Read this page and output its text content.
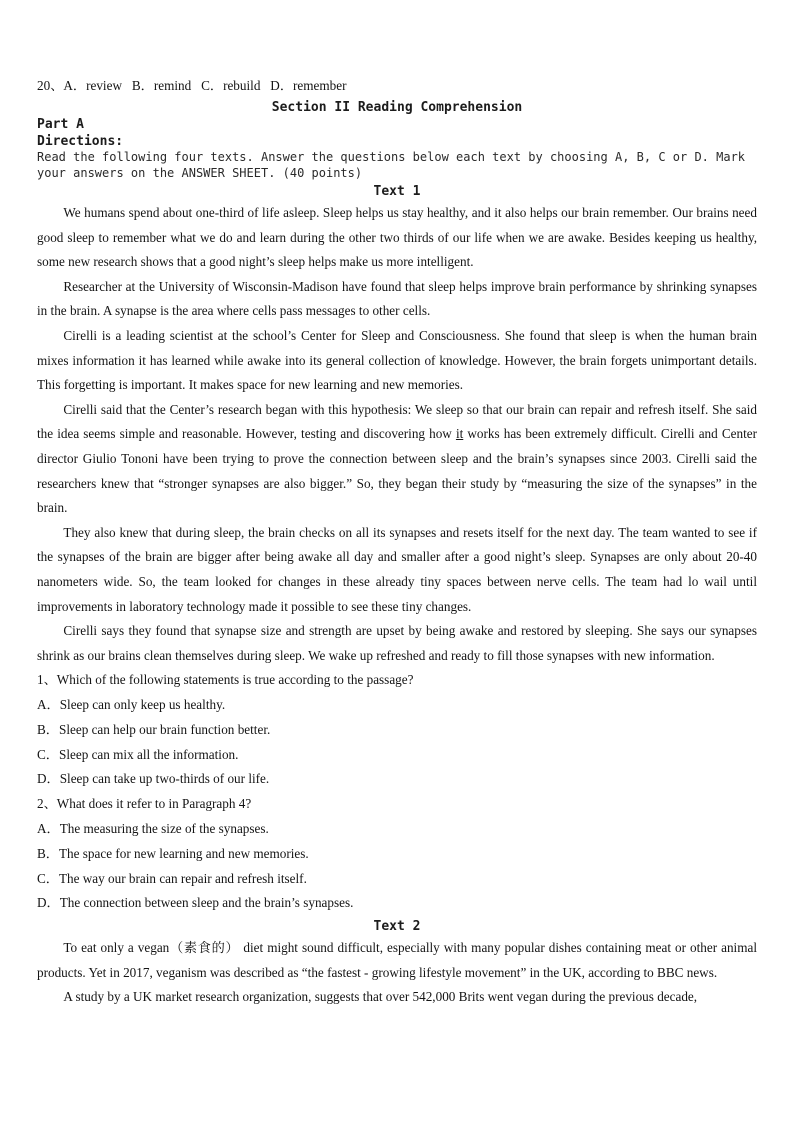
20、A．review   B．remind   C．rebuild   D．remember
Section II Reading Comprehension
Part A
Directions:
Read the following four texts. Answer the questions below each text by choosing A, B, C or D. Mark your answers on the ANSWER SHEET. (40 points)
Text 1

We humans spend about one-third of life asleep. Sleep helps us stay healthy, and it also helps our brain remember. Our brains need good sleep to remember what we do and learn during the other two thirds of our life when we are awake. Besides keeping us healthy, some new research shows that a good night’s sleep helps make us more intelligent.

Researcher at the University of Wisconsin-Madison have found that sleep helps improve brain performance by shrinking synapses in the brain. A synapse is the area where cells pass messages to other cells.

Cirelli is a leading scientist at the school’s Center for Sleep and Consciousness. She found that sleep is when the human brain mixes information it has learned while awake into its general collection of knowledge. However, the brain forgets unimportant details. This forgetting is important. It makes space for new learning and new memories.

Cirelli said that the Center’s research began with this hypothesis: We sleep so that our brain can repair and refresh itself. She said the idea seems simple and reasonable. However, testing and discovering how it works has been extremely difficult. Cirelli and Center director Giulio Tononi have been trying to prove the connection between sleep and the brain’s synapses since 2003. Cirelli said the researchers knew that “stronger synapses are also bigger.” So, they began their study by “measuring the size of the synapses” in the brain.

They also knew that during sleep, the brain checks on all its synapses and resets itself for the next day. The team wanted to see if the synapses of the brain are bigger after being awake all day and smaller after a good night’s sleep. Synapses are only about 20-40 nanometers wide. So, the team looked for changes in these already tiny spaces between nerve cells. The team had lo wail until improvements in laboratory technology made it possible to see these tiny changes.

Cirelli says they found that synapse size and strength are upset by being awake and restored by sleeping. She says our synapses shrink as our brains clean themselves during sleep. We wake up refreshed and ready to fill those synapses with new information.

1、Which of the following statements is true according to the passage?
A．Sleep can only keep us healthy.
B．Sleep can help our brain function better.
C．Sleep can mix all the information.
D．Sleep can take up two-thirds of our life.
2、What does it refer to in Paragraph 4?
A．The measuring the size of the synapses.
B．The space for new learning and new memories.
C．The way our brain can repair and refresh itself.
D．The connection between sleep and the brain’s synapses.
Text 2

To eat only a vegan（素食的） diet might sound difficult, especially with many popular dishes containing meat or other animal products. Yet in 2017, veganism was described as “the fastest - growing lifestyle movement” in the UK, according to BBC news.

A study by a UK market research organization, suggests that over 542,000 Brits went vegan during the previous decade,
